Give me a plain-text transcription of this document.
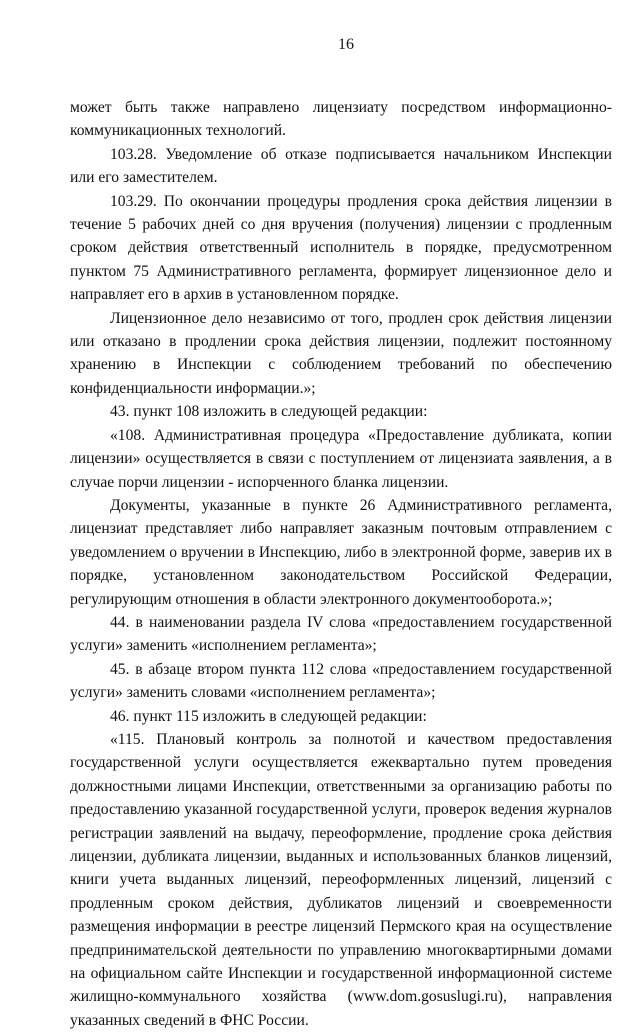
16

может быть также направлено лицензиату посредством информационно-коммуникационных технологий.

103.28. Уведомление об отказе подписывается начальником Инспекции или его заместителем.

103.29. По окончании процедуры продления срока действия лицензии в течение 5 рабочих дней со дня вручения (получения) лицензии с продленным сроком действия ответственный исполнитель в порядке, предусмотренном пунктом 75 Административного регламента, формирует лицензионное дело и направляет его в архив в установленном порядке.

Лицензионное дело независимо от того, продлен срок действия лицензии или отказано в продлении срока действия лицензии, подлежит постоянному хранению в Инспекции с соблюдением требований по обеспечению конфиденциальности информации.»;

43. пункт 108 изложить в следующей редакции:

«108. Административная процедура «Предоставление дубликата, копии лицензии» осуществляется в связи с поступлением от лицензиата заявления, а в случае порчи лицензии - испорченного бланка лицензии.

Документы, указанные в пункте 26 Административного регламента, лицензиат представляет либо направляет заказным почтовым отправлением с уведомлением о вручении в Инспекцию, либо в электронной форме, заверив их в порядке, установленном законодательством Российской Федерации, регулирующим отношения в области электронного документооборота.»;

44. в наименовании раздела IV слова «предоставлением государственной услуги» заменить «исполнением регламента»;

45. в абзаце втором пункта 112 слова «предоставлением государственной услуги» заменить словами «исполнением регламента»;

46. пункт 115 изложить в следующей редакции:

«115. Плановый контроль за полнотой и качеством предоставления государственной услуги осуществляется ежеквартально путем проведения должностными лицами Инспекции, ответственными за организацию работы по предоставлению указанной государственной услуги, проверок ведения журналов регистрации заявлений на выдачу, переоформление, продление срока действия лицензии, дубликата лицензии, выданных и использованных бланков лицензий, книги учета выданных лицензий, переоформленных лицензий, лицензий с продленным сроком действия, дубликатов лицензий и своевременности размещения информации в реестре лицензий Пермского края на осуществление предпринимательской деятельности по управлению многоквартирными домами на официальном сайте Инспекции и государственной информационной системе жилищно-коммунального хозяйства (www.dom.gosuslugi.ru), направления указанных сведений в ФНС России.
